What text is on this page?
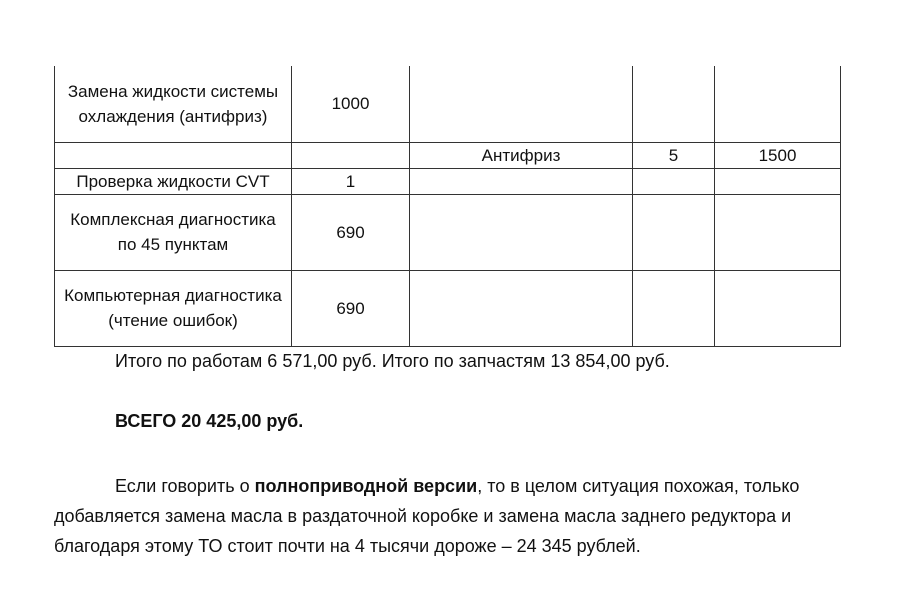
Замена жидкости системы охлаждения (антифриз)	1000			
		Антифриз	5	1500
Проверка жидкости CVT	1			
Комплексная диагностика по 45 пунктам	690			
Компьютерная диагностика (чтение ошибок)	690			

Итого по работам 6 571,00 руб. Итого по запчастям 13 854,00 руб.

ВСЕГО 20 425,00 руб.

Если говорить о полноприводной версии, то в целом ситуация похожая, только добавляется замена масла в раздаточной коробке и замена масла заднего редуктора и благодаря этому ТО стоит почти на 4 тысячи дороже – 24 345 рублей.
